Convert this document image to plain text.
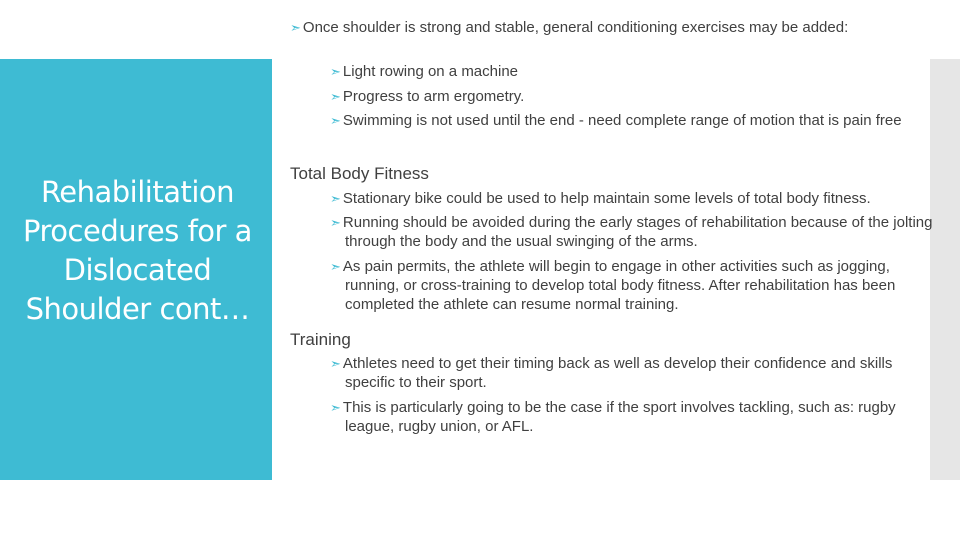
Rehabilitation Procedures for a Dislocated Shoulder cont…
➣ Once shoulder is strong and stable, general conditioning exercises may be added:
➣ Light rowing on a machine
➣ Progress to arm ergometry.
➣ Swimming is not used until the end - need complete range of motion that is pain free
Total Body Fitness
➣ Stationary bike could be used to help maintain some levels of total body fitness.
➣ Running should be avoided during the early stages of rehabilitation because of the jolting through the body and the usual swinging of the arms.
➣ As pain permits, the athlete will begin to engage in other activities such as jogging, running, or cross-training to develop total body fitness. After rehabilitation has been completed the athlete can resume normal training.
Training
➣ Athletes need to get their timing back as well as develop their confidence and skills specific to their sport.
➣ This is particularly going to be the case if the sport involves tackling, such as: rugby league, rugby union, or AFL.
